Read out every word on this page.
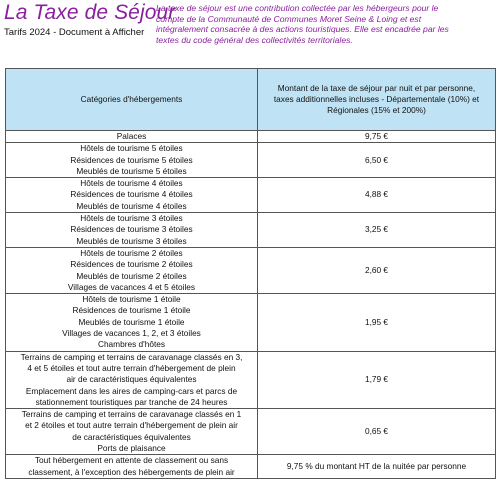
La Taxe de Séjour
Tarifs 2024 - Document à Afficher
La taxe de séjour est une contribution collectée par les hébergeurs pour le
compte de la Communauté de Communes Moret Seine & Loing et est
intégralement consacrée à des actions touristiques. Elle est encadrée par les
textes du code général des collectivités territoriales.
Catégories d'hébergements	Montant de la taxe de séjour par nuit et par personne,
taxes additionnelles incluses - Départementale (10%) et
Régionales (15% et 200%)

Palaces	9,75 €

Hôtels de tourisme 5 étoiles
Résidences de tourisme 5 étoiles
Meublés de tourisme 5 étoiles	6,50 €

Hôtels de tourisme 4 étoiles
Résidences de tourisme 4 étoiles
Meublés de tourisme 4 étoiles	4,88 €

Hôtels de tourisme 3 étoiles
Résidences de tourisme 3 étoiles
Meublés de tourisme 3 étoiles	3,25 €

Hôtels de tourisme 2 étoiles
Résidences de tourisme 2 étoiles
Meublés de tourisme 2 étoiles
Villages de vacances 4 et 5 étoiles	2,60 €

Hôtels de tourisme 1 étoile
Résidences de tourisme 1 étoile
Meublés de tourisme 1 étoile
Villages de vacances 1, 2, et 3 étoiles
Chambres d'hôtes	1,95 €

Terrains de camping et terrains de caravanage classés en 3,
4 et 5 étoiles et tout autre terrain d'hébergement de plein
air de caractéristiques équivalentes
Emplacement dans les aires de camping-cars et parcs de
stationnement touristiques par tranche de 24 heures	1,79 €

Terrains de camping et terrains de caravanage classés en 1
et 2 étoiles et tout autre terrain d'hébergement de plein air
de caractéristiques équivalentes
Ports de plaisance	0,65 €

Tout hébergement en attente de classement ou sans
classement, à l'exception des hébergements de plein air	9,75 % du montant HT de la nuitée par personne
